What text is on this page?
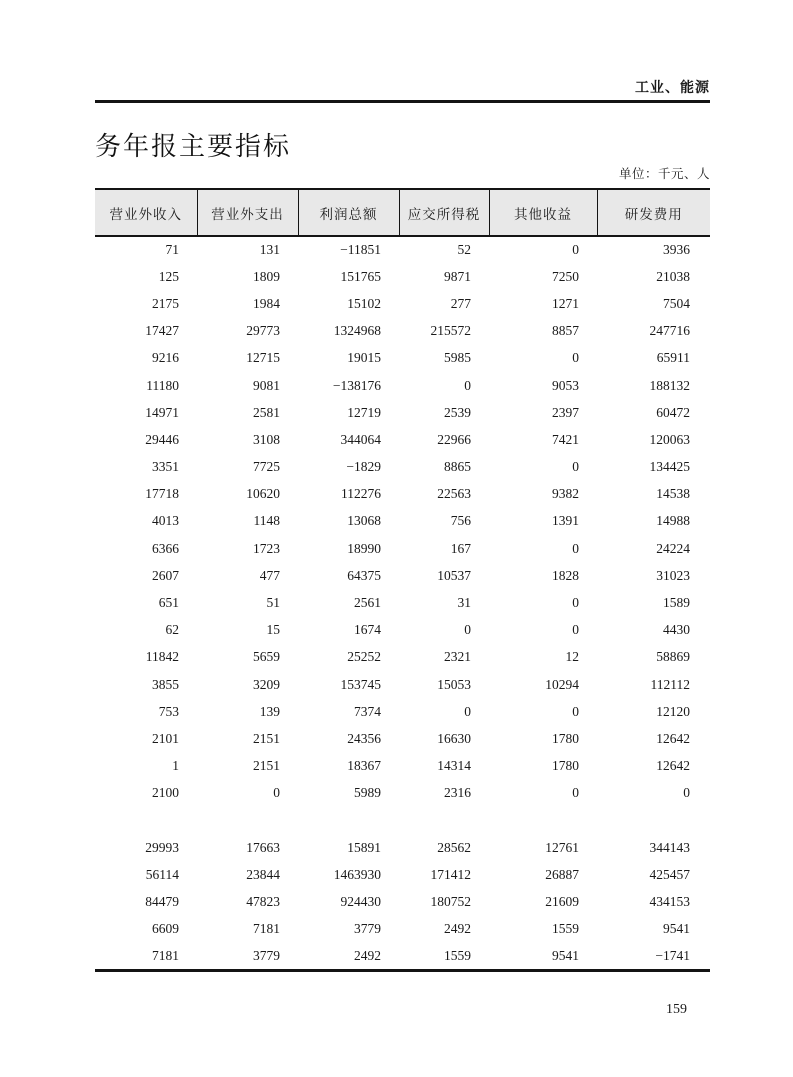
工业、能源
务年报主要指标
单位：千元、人
营业外收入	营业外支出	利润总额	应交所得税	其他收益	研发费用
71	131	−11851	52	0	3936
125	1809	151765	9871	7250	21038
2175	1984	15102	277	1271	7504
17427	29773	1324968	215572	8857	247716
9216	12715	19015	5985	0	65911
11180	9081	−138176	0	9053	188132
14971	2581	12719	2539	2397	60472
29446	3108	344064	22966	7421	120063
3351	7725	−1829	8865	0	134425
17718	10620	112276	22563	9382	14538
4013	1148	13068	756	1391	14988
6366	1723	18990	167	0	24224
2607	477	64375	10537	1828	31023
651	51	2561	31	0	1589
62	15	1674	0	0	4430
11842	5659	25252	2321	12	58869
3855	3209	153745	15053	10294	112112
753	139	7374	0	0	12120
2101	2151	24356	16630	1780	12642
1	2151	18367	14314	1780	12642
2100	0	5989	2316	0	0

29993	17663	15891	28562	12761	344143
56114	23844	1463930	171412	26887	425457
84479	47823	924430	180752	21609	434153
6609	7181	3779	2492	1559	9541
7181	3779	2492	1559	9541	−1741
159
